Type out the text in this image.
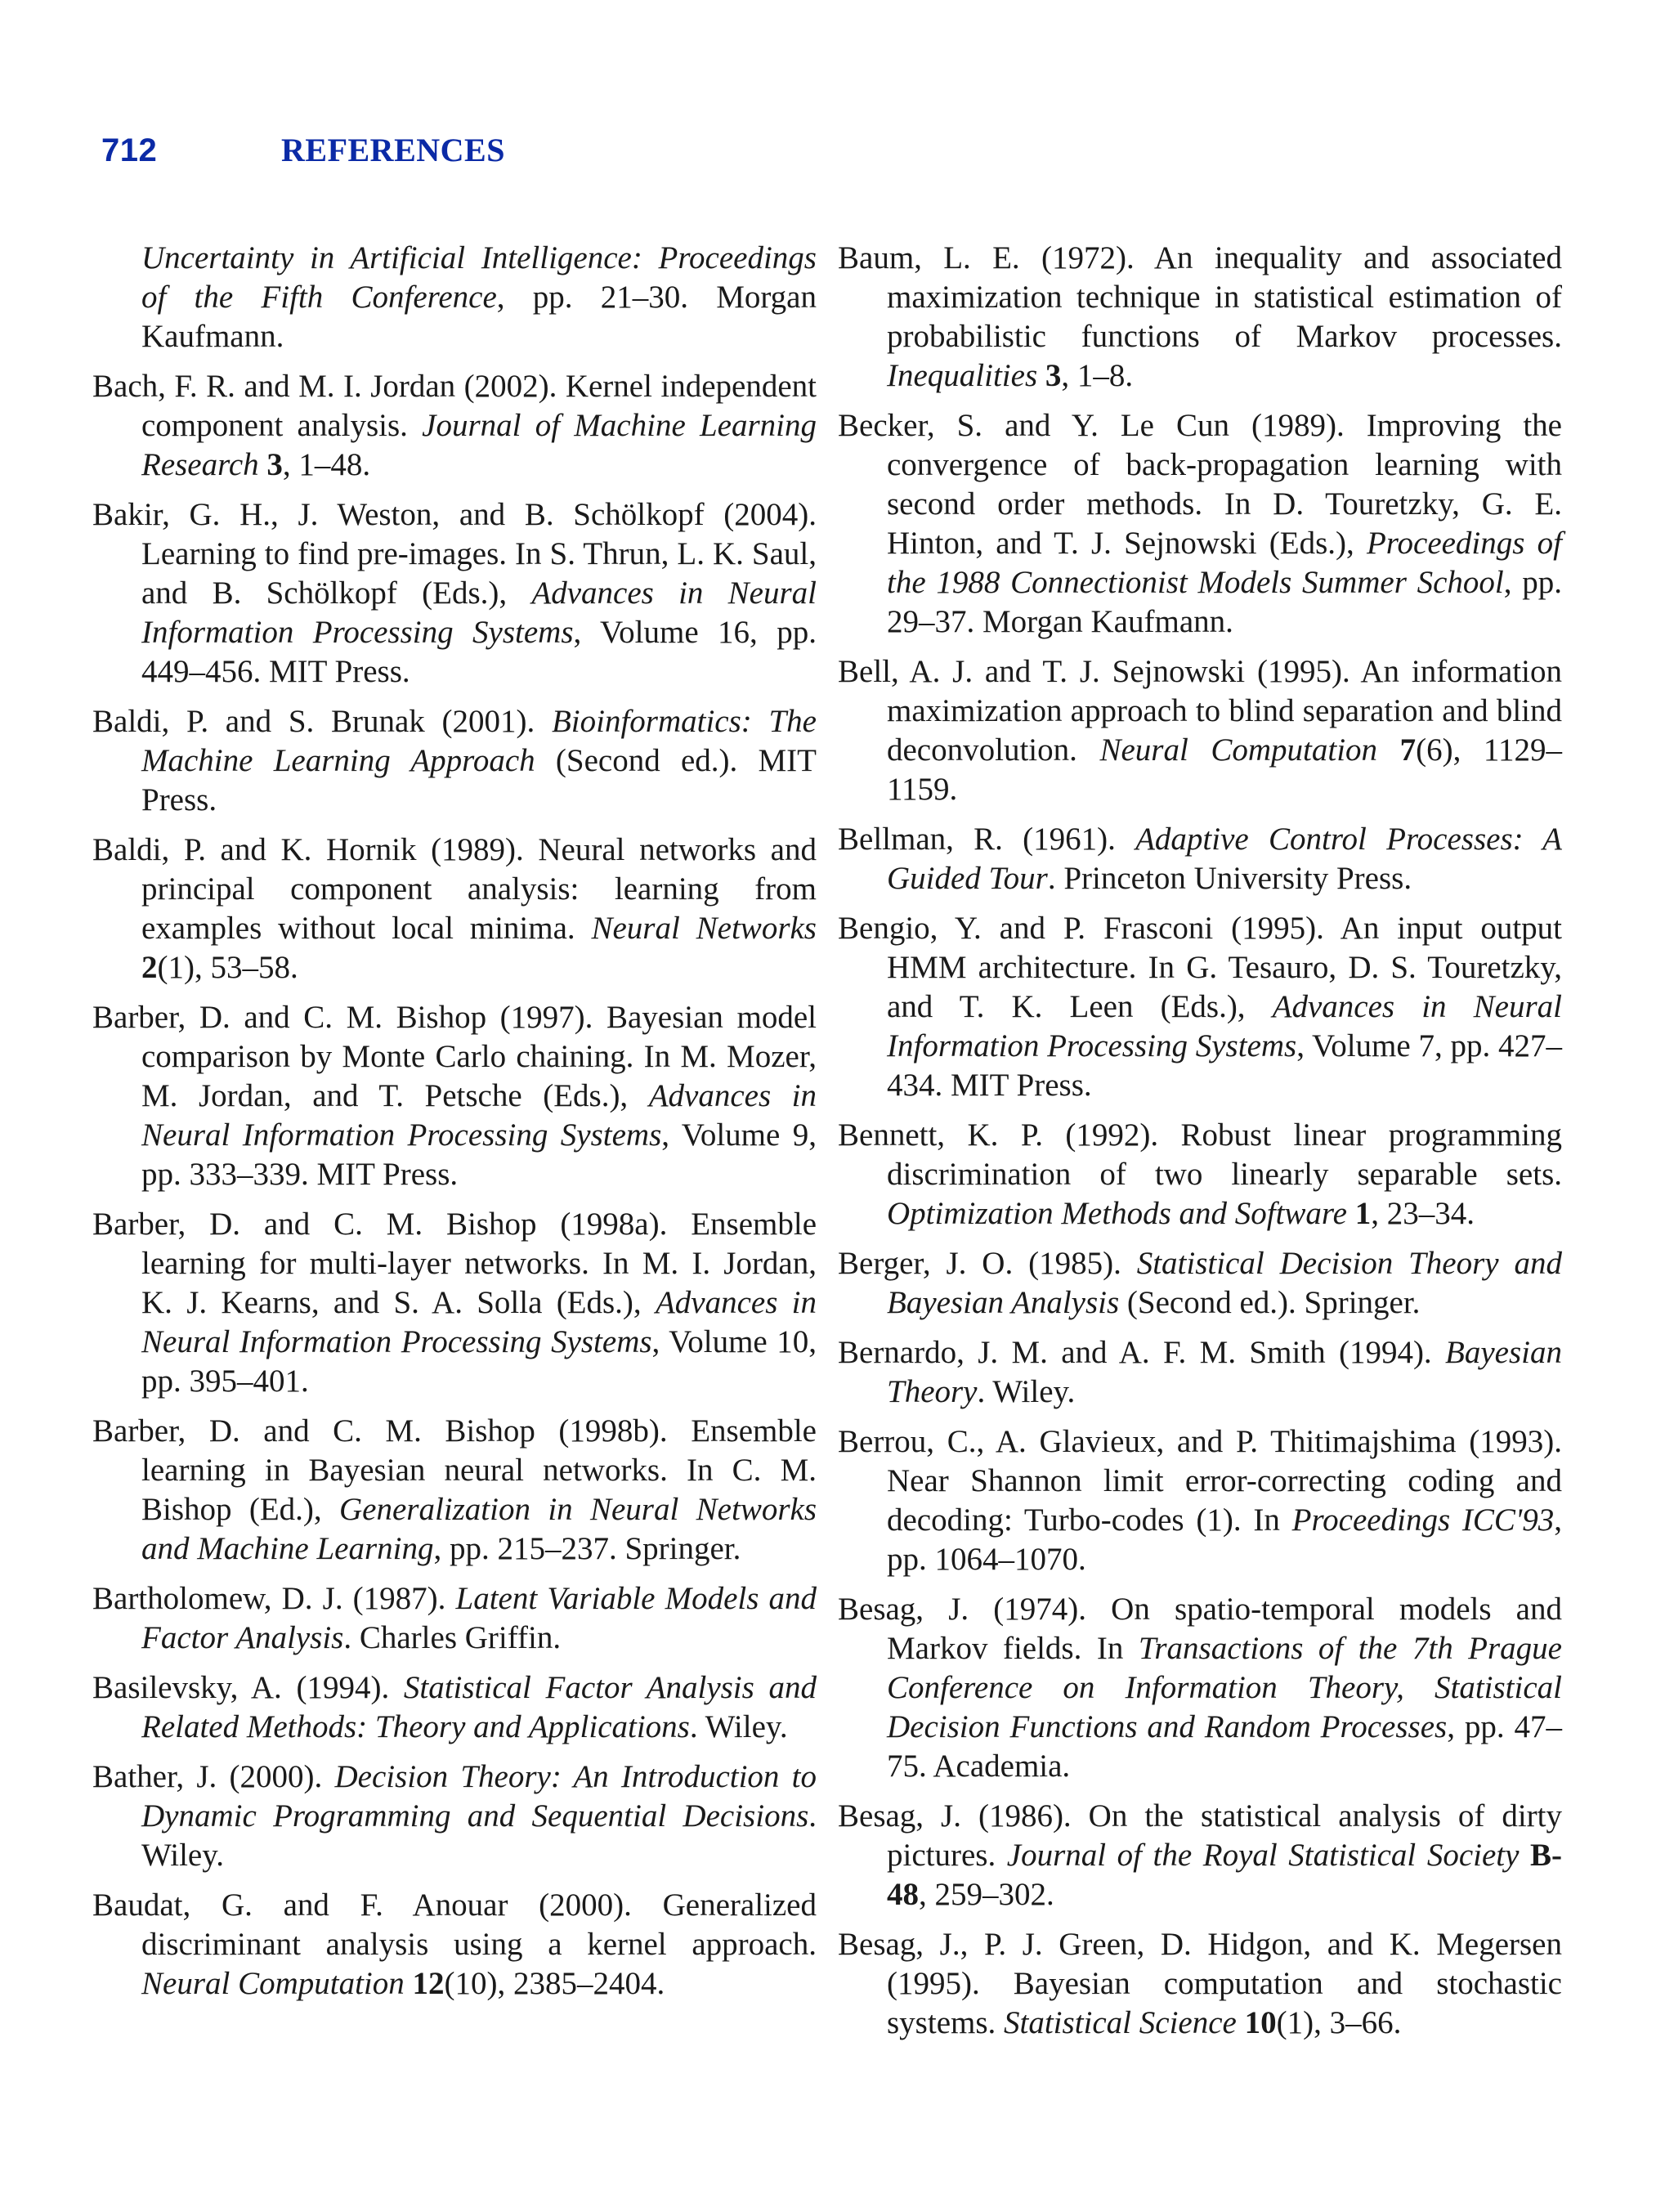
712	REFERENCES

Uncertainty in Artificial Intelligence: Proceedings of the Fifth Conference, pp. 21–30. Morgan Kaufmann.

Bach, F. R. and M. I. Jordan (2002). Kernel independent component analysis. Journal of Machine Learning Research 3, 1–48.

Bakir, G. H., J. Weston, and B. Schölkopf (2004). Learning to find pre-images. In S. Thrun, L. K. Saul, and B. Schölkopf (Eds.), Advances in Neural Information Processing Systems, Volume 16, pp. 449–456. MIT Press.

Baldi, P. and S. Brunak (2001). Bioinformatics: The Machine Learning Approach (Second ed.). MIT Press.

Baldi, P. and K. Hornik (1989). Neural networks and principal component analysis: learning from examples without local minima. Neural Networks 2(1), 53–58.

Barber, D. and C. M. Bishop (1997). Bayesian model comparison by Monte Carlo chaining. In M. Mozer, M. Jordan, and T. Petsche (Eds.), Advances in Neural Information Processing Systems, Volume 9, pp. 333–339. MIT Press.

Barber, D. and C. M. Bishop (1998a). Ensemble learning for multi-layer networks. In M. I. Jordan, K. J. Kearns, and S. A. Solla (Eds.), Advances in Neural Information Processing Systems, Volume 10, pp. 395–401.

Barber, D. and C. M. Bishop (1998b). Ensemble learning in Bayesian neural networks. In C. M. Bishop (Ed.), Generalization in Neural Networks and Machine Learning, pp. 215–237. Springer.

Bartholomew, D. J. (1987). Latent Variable Models and Factor Analysis. Charles Griffin.

Basilevsky, A. (1994). Statistical Factor Analysis and Related Methods: Theory and Applications. Wiley.

Bather, J. (2000). Decision Theory: An Introduction to Dynamic Programming and Sequential Decisions. Wiley.

Baudat, G. and F. Anouar (2000). Generalized discriminant analysis using a kernel approach. Neural Computation 12(10), 2385–2404.

Baum, L. E. (1972). An inequality and associated maximization technique in statistical estimation of probabilistic functions of Markov processes. Inequalities 3, 1–8.

Becker, S. and Y. Le Cun (1989). Improving the convergence of back-propagation learning with second order methods. In D. Touretzky, G. E. Hinton, and T. J. Sejnowski (Eds.), Proceedings of the 1988 Connectionist Models Summer School, pp. 29–37. Morgan Kaufmann.

Bell, A. J. and T. J. Sejnowski (1995). An information maximization approach to blind separation and blind deconvolution. Neural Computation 7(6), 1129–1159.

Bellman, R. (1961). Adaptive Control Processes: A Guided Tour. Princeton University Press.

Bengio, Y. and P. Frasconi (1995). An input output HMM architecture. In G. Tesauro, D. S. Touretzky, and T. K. Leen (Eds.), Advances in Neural Information Processing Systems, Volume 7, pp. 427–434. MIT Press.

Bennett, K. P. (1992). Robust linear programming discrimination of two linearly separable sets. Optimization Methods and Software 1, 23–34.

Berger, J. O. (1985). Statistical Decision Theory and Bayesian Analysis (Second ed.). Springer.

Bernardo, J. M. and A. F. M. Smith (1994). Bayesian Theory. Wiley.

Berrou, C., A. Glavieux, and P. Thitimajshima (1993). Near Shannon limit error-correcting coding and decoding: Turbo-codes (1). In Proceedings ICC'93, pp. 1064–1070.

Besag, J. (1974). On spatio-temporal models and Markov fields. In Transactions of the 7th Prague Conference on Information Theory, Statistical Decision Functions and Random Processes, pp. 47–75. Academia.

Besag, J. (1986). On the statistical analysis of dirty pictures. Journal of the Royal Statistical Society B-48, 259–302.

Besag, J., P. J. Green, D. Hidgon, and K. Megersen (1995). Bayesian computation and stochastic systems. Statistical Science 10(1), 3–66.
